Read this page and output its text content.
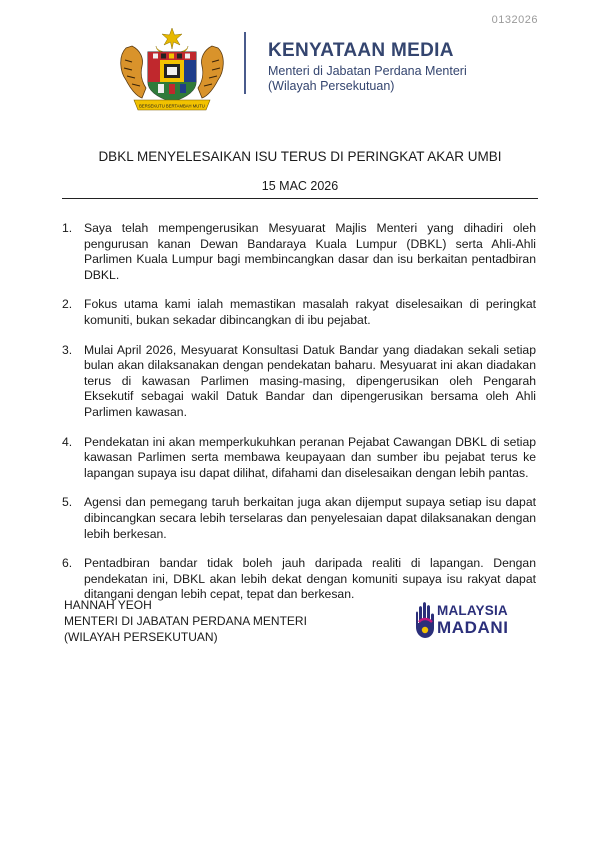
0132026
BERSEKUTU BERTAMBAH MUTU
KENYATAAN MEDIA
Menteri di Jabatan Perdana Menteri
(Wilayah Persekutuan)
DBKL MENYELESAIKAN ISU TERUS DI PERINGKAT AKAR UMBI
15 MAC 2026
1. Saya telah mempengerusikan Mesyuarat Majlis Menteri yang dihadiri oleh pengurusan kanan Dewan Bandaraya Kuala Lumpur (DBKL) serta Ahli-Ahli Parlimen Kuala Lumpur bagi membincangkan dasar dan isu berkaitan pentadbiran DBKL.
2. Fokus utama kami ialah memastikan masalah rakyat diselesaikan di peringkat komuniti, bukan sekadar dibincangkan di ibu pejabat.
3. Mulai April 2026, Mesyuarat Konsultasi Datuk Bandar yang diadakan sekali setiap bulan akan dilaksanakan dengan pendekatan baharu. Mesyuarat ini akan diadakan terus di kawasan Parlimen masing-masing, dipengerusikan oleh Pengarah Eksekutif sebagai wakil Datuk Bandar dan dipengerusikan bersama oleh Ahli Parlimen kawasan.
4. Pendekatan ini akan memperkukuhkan peranan Pejabat Cawangan DBKL di setiap kawasan Parlimen serta membawa keupayaan dan sumber ibu pejabat terus ke lapangan supaya isu dapat dilihat, difahami dan diselesaikan dengan lebih pantas.
5. Agensi dan pemegang taruh berkaitan juga akan dijemput supaya setiap isu dapat dibincangkan secara lebih terselaras dan penyelesaian dapat dilaksanakan dengan lebih berkesan.
6. Pentadbiran bandar tidak boleh jauh daripada realiti di lapangan. Dengan pendekatan ini, DBKL akan lebih dekat dengan komuniti supaya isu rakyat dapat ditangani dengan lebih cepat, tepat dan berkesan.
HANNAH YEOH
MENTERI DI JABATAN PERDANA MENTERI
(WILAYAH PERSEKUTUAN)
MALAYSIA
MADANI
